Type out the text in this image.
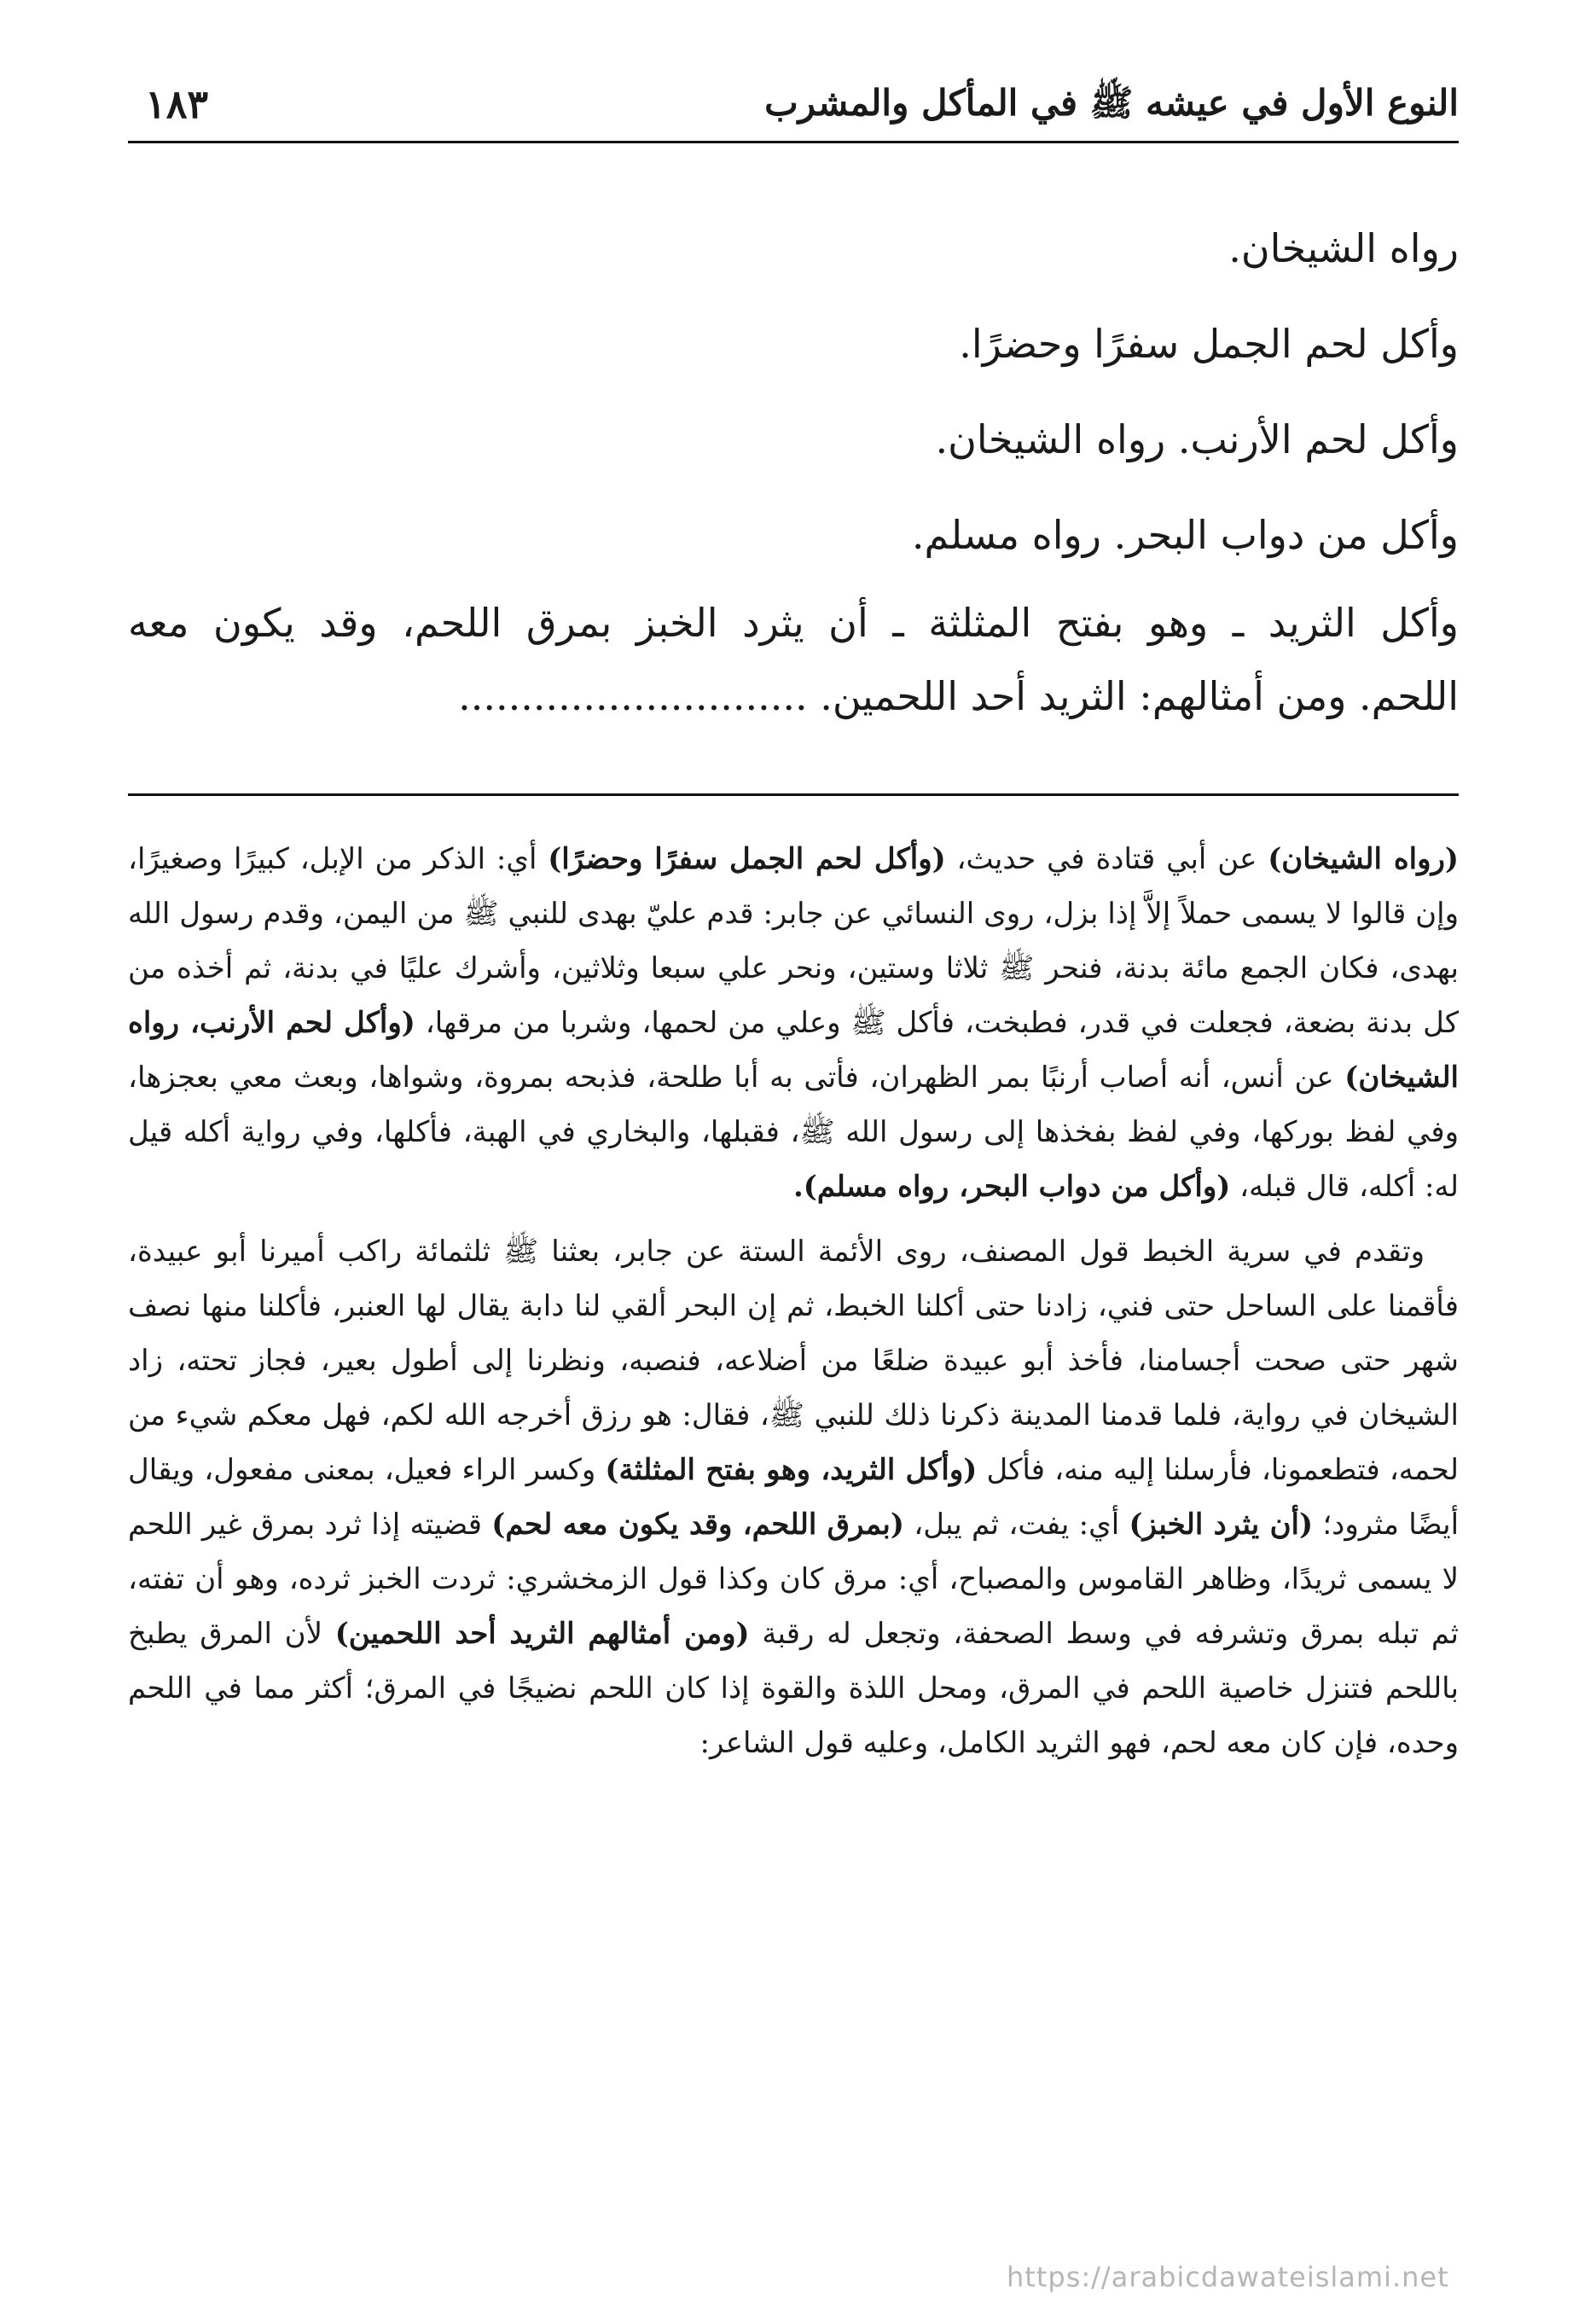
النوع الأول في عيشه ﷺ في المأكل والمشرب
١٨٣

رواه الشيخان.

وأكل لحم الجمل سفرًا وحضرًا.

وأكل لحم الأرنب. رواه الشيخان.

وأكل من دواب البحر. رواه مسلم.

وأكل الثريد ـ وهو بفتح المثلثة ـ أن يثرد الخبز بمرق اللحم، وقد يكون معه

اللحم. ومن أمثالهم: الثريد أحد اللحمين. ............................

(رواه الشيخان) عن أبي قتادة في حديث، (وأكل لحم الجمل سفرًا وحضرًا) أي: الذكر من الإبل، كبيرًا وصغيرًا، وإن قالوا لا يسمى حملاً إلاَّ إذا بزل، روى النسائي عن جابر: قدم عليّ بهدى للنبي ﷺ من اليمن، وقدم رسول الله بهدى، فكان الجمع مائة بدنة، فنحر ﷺ ثلاثا وستين، ونحر علي سبعا وثلاثين، وأشرك عليًا في بدنة، ثم أخذه من كل بدنة بضعة، فجعلت في قدر، فطبخت، فأكل ﷺ وعلي من لحمها، وشربا من مرقها، (وأكل لحم الأرنب، رواه الشيخان) عن أنس، أنه أصاب أرنبًا بمر الظهران، فأتى به أبا طلحة، فذبحه بمروة، وشواها، وبعث معي بعجزها، وفي لفظ بوركها، وفي لفظ بفخذها إلى رسول الله ﷺ، فقبلها، والبخاري في الهبة، فأكلها، وفي رواية أكله قيل له: أكله، قال قبله، (وأكل من دواب البحر، رواه مسلم).

وتقدم في سرية الخبط قول المصنف، روى الأئمة الستة عن جابر، بعثنا ﷺ ثلثمائة راكب أميرنا أبو عبيدة، فأقمنا على الساحل حتى فني، زادنا حتى أكلنا الخبط، ثم إن البحر ألقي لنا دابة يقال لها العنبر، فأكلنا منها نصف شهر حتى صحت أجسامنا، فأخذ أبو عبيدة ضلعًا من أضلاعه، فنصبه، ونظرنا إلى أطول بعير، فجاز تحته، زاد الشيخان في رواية، فلما قدمنا المدينة ذكرنا ذلك للنبي ﷺ، فقال: هو رزق أخرجه الله لكم، فهل معكم شيء من لحمه، فتطعمونا، فأرسلنا إليه منه، فأكل (وأكل الثريد، وهو بفتح المثلثة) وكسر الراء فعيل، بمعنى مفعول، ويقال أيضًا مثرود؛ (أن يثرد الخبز) أي: يفت، ثم يبل، (بمرق اللحم، وقد يكون معه لحم) قضيته إذا ثرد بمرق غير اللحم لا يسمى ثريدًا، وظاهر القاموس والمصباح، أي: مرق كان وكذا قول الزمخشري: ثردت الخبز ثرده، وهو أن تفته، ثم تبله بمرق وتشرفه في وسط الصحفة، وتجعل له رقبة (ومن أمثالهم الثريد أحد اللحمين) لأن المرق يطبخ باللحم فتنزل خاصية اللحم في المرق، ومحل اللذة والقوة إذا كان اللحم نضيجًا في المرق؛ أكثر مما في اللحم وحده، فإن كان معه لحم، فهو الثريد الكامل، وعليه قول الشاعر:

https://arabicdawateislami.net
